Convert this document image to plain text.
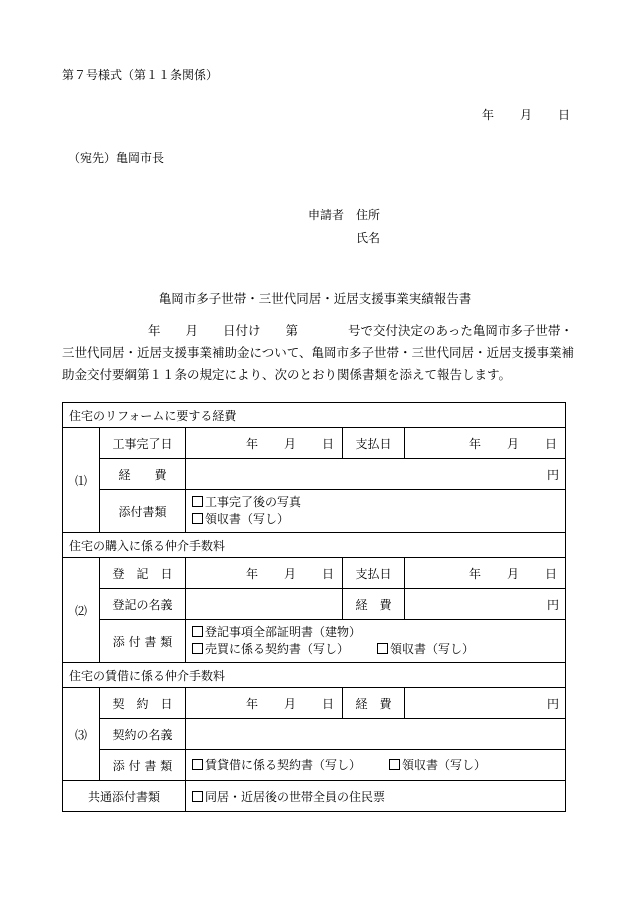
第７号様式（第１１条関係）
年 月 日
（宛先）亀岡市長
申請者 住所
氏名
亀岡市多子世帯・三世代同居・近居支援事業実績報告書
年　　月　　日付け　　第　　　　号で交付決定のあった亀岡市多子世帯・
三世代同居・近居支援事業補助金について、亀岡市多子世帯・三世代同居・近居支援事業補
助金交付要綱第１１条の規定により、次のとおり関係書類を添えて報告します。
住宅のリフォームに要する経費				
⑴	工事完了日	年 月 日	支払日	年 月 日

	経　　費	円		
	添付書類	工事完了後の写真
領収書（写し）		

住宅の購入に係る仲介手数料				
⑵	登　記　日	年 月 日	支払日	年 月 日

	登記の名義		経　費	円
	添 付 書 類	登記事項全部証明書（建物）
売買に係る契約書（写し） 領収書（写し）		

住宅の賃借に係る仲介手数料				
⑶	契　約　日	年 月 日	経　費	円
	契約の名義			
	添 付 書 類	賃貸借に係る契約書（写し） 領収書（写し）		

共通添付書類		同居・近居後の世帯全員の住民票		
